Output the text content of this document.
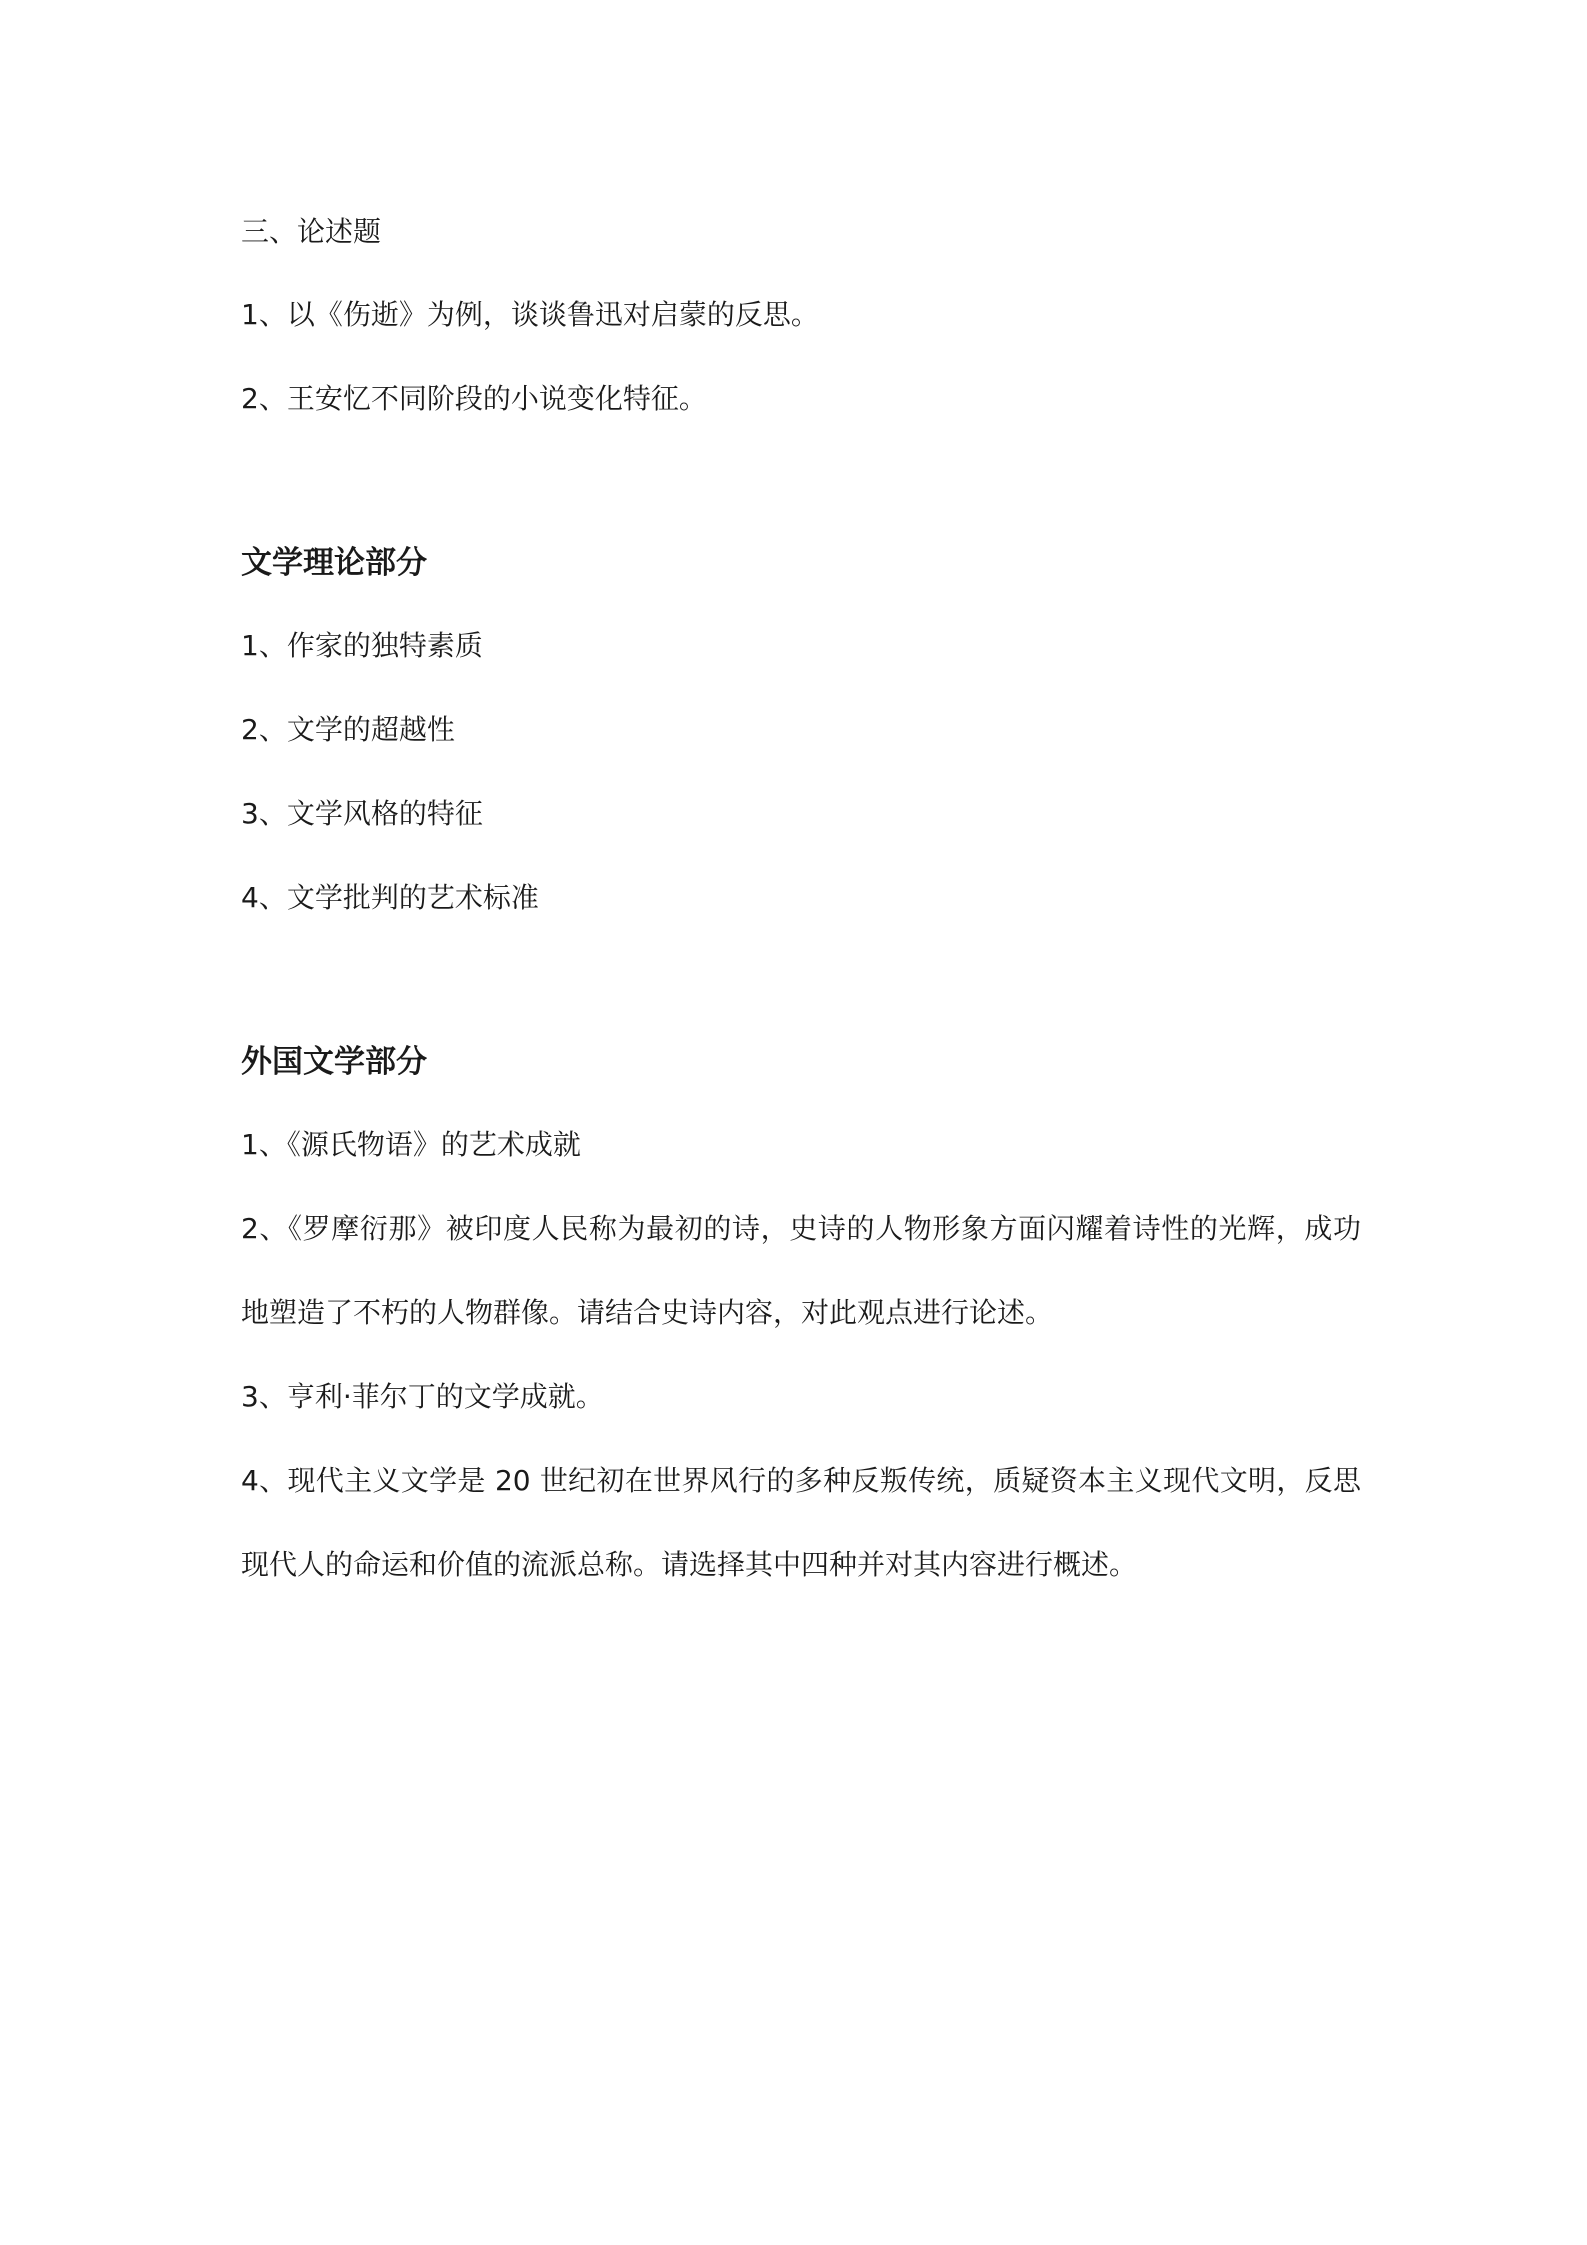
三、论述题

1、以《伤逝》为例，谈谈鲁迅对启蒙的反思。

2、王安忆不同阶段的小说变化特征。

文学理论部分

1、作家的独特素质

2、文学的超越性

3、文学风格的特征

4、文学批判的艺术标准

外国文学部分

1、《源氏物语》的艺术成就

2、《罗摩衍那》被印度人民称为最初的诗，史诗的人物形象方面闪耀着诗性的光辉，成功地塑造了不朽的人物群像。请结合史诗内容，对此观点进行论述。

3、亨利·菲尔丁的文学成就。

4、现代主义文学是 20 世纪初在世界风行的多种反叛传统，质疑资本主义现代文明，反思现代人的命运和价值的流派总称。请选择其中四种并对其内容进行概述。
